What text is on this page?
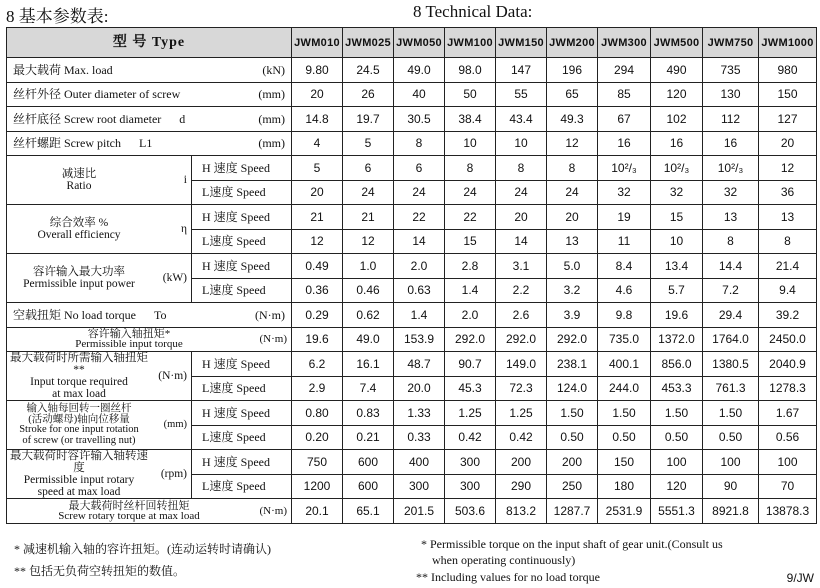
8 基本参数表:	8 Technical Data:
型 号 Type		JWM010	JWM025	JWM050	JWM100	JWM150	JWM200	JWM300	JWM500	JWM750	JWM1000
最大载荷 Max. load (kN)		9.80	24.5	49.0	98.0	147	196	294	490	735	980
丝杆外径 Outer diameter of screw (mm)		20	26	40	50	55	65	85	120	130	150
丝杆底径 Screw root diameter d (mm)		14.8	19.7	30.5	38.4	43.4	49.3	67	102	112	127
丝杆螺距 Screw pitch L1 (mm)		4	5	8	10	10	12	16	16	16	20

减速比
Ratio i	H 速度 Speed	5	6	6	8	8	8	10²/₃	10²/₃	10²/₃	12
	L速度 Speed	20	24	24	24	24	24	32	32	32	36

综合效率 %
Overall efficiency η	H 速度 Speed	21	21	22	22	20	20	19	15	13	13
	L速度 Speed	12	12	14	15	14	13	11	10	8	8

容许输入最大功率
Permissible input power (kW)	H 速度 Speed	0.49	1.0	2.0	2.8	3.1	5.0	8.4	13.4	14.4	21.4
	L速度 Speed	0.36	0.46	0.63	1.4	2.2	3.2	4.6	5.7	7.2	9.4
空载扭矩 No load torque To (N·m)		0.29	0.62	1.4	2.0	2.6	3.9	9.8	19.6	29.4	39.2

容许输入轴扭矩*
Permissible input torque (N·m)		19.6	49.0	153.9	292.0	292.0	292.0	735.0	1372.0	1764.0	2450.0

最大载荷时所需输入轴扭矩 **
Input torque required
at max load
(N·m)	H 速度 Speed	6.2	16.1	48.7	90.7	149.0	238.1	400.1	856.0	1380.5	2040.9
	L速度 Speed	2.9	7.4	20.0	45.3	72.3	124.0	244.0	453.3	761.3	1278.3

输入轴每回转一圈丝杆
(活动螺母)轴向位移量
Stroke for one input rotation
of screw (or travelling nut)
(mm)	H 速度 Speed	0.80	0.83	1.33	1.25	1.25	1.50	1.50	1.50	1.50	1.67
	L速度 Speed	0.20	0.21	0.33	0.42	0.42	0.50	0.50	0.50	0.50	0.56

最大载荷时容许输入轴转速度
Permissible input rotary
speed at max load
(rpm)	H 速度 Speed	750	600	400	300	200	200	150	100	100	100
	L速度 Speed	1200	600	300	300	290	250	180	120	90	70

最大载荷时丝杆回转扭矩
Screw rotary torque at max load (N·m)		20.1	65.1	201.5	503.6	813.2	1287.7	2531.9	5551.3	8921.8	13878.3
* 减速机输入轴的容许扭矩。(连动运转时请确认)
** 包括无负荷空转扭矩的数值。
* Permissible torque on the input shaft of gear unit.(Consult us
when operating continuously)
** Including values for no load torque	9/JW
